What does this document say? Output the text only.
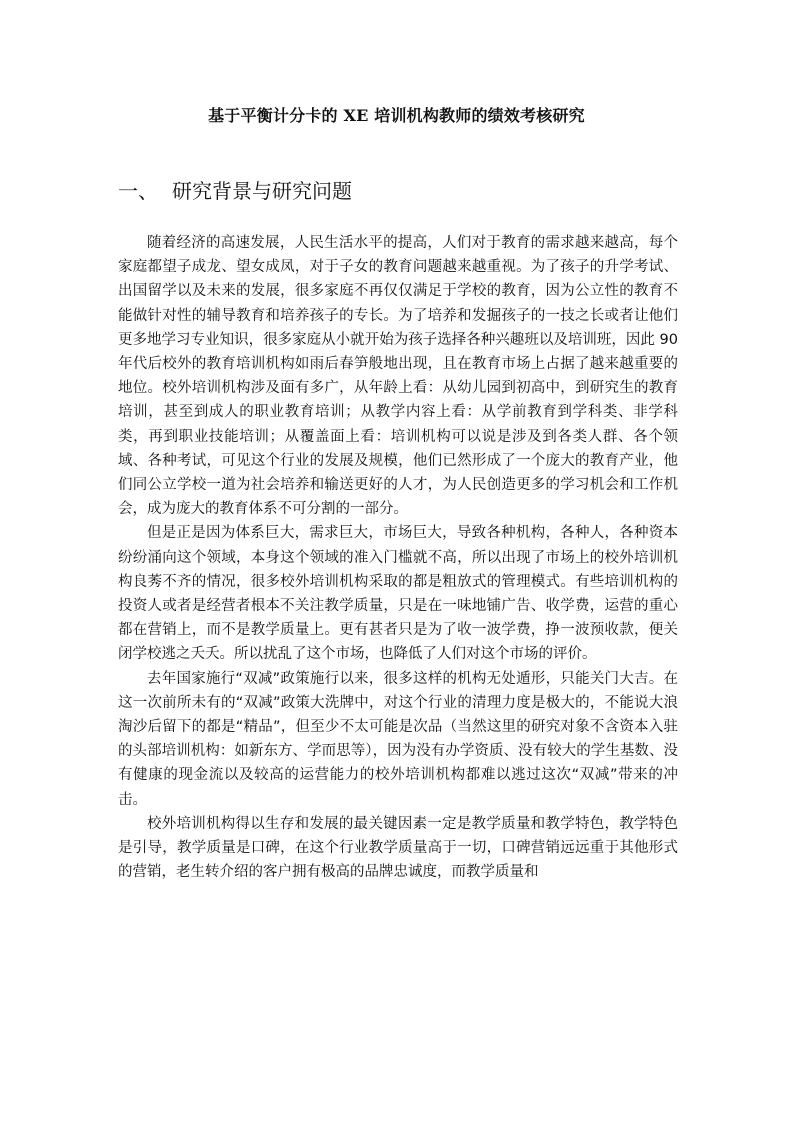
基于平衡计分卡的 XE 培训机构教师的绩效考核研究
一、 研究背景与研究问题

随着经济的高速发展，人民生活水平的提高，人们对于教育的需求越来越高，每个家庭都望子成龙、望女成凤，对于子女的教育问题越来越重视。为了孩子的升学考试、出国留学以及未来的发展，很多家庭不再仅仅满足于学校的教育，因为公立性的教育不能做针对性的辅导教育和培养孩子的专长。为了培养和发掘孩子的一技之长或者让他们更多地学习专业知识，很多家庭从小就开始为孩子选择各种兴趣班以及培训班，因此 90 年代后校外的教育培训机构如雨后春笋般地出现，且在教育市场上占据了越来越重要的地位。校外培训机构涉及面有多广，从年龄上看：从幼儿园到初高中，到研究生的教育培训，甚至到成人的职业教育培训；从教学内容上看：从学前教育到学科类、非学科类，再到职业技能培训；从覆盖面上看：培训机构可以说是涉及到各类人群、各个领域、各种考试，可见这个行业的发展及规模，他们已然形成了一个庞大的教育产业，他们同公立学校一道为社会培养和输送更好的人才，为人民创造更多的学习机会和工作机会，成为庞大的教育体系不可分割的一部分。

但是正是因为体系巨大，需求巨大，市场巨大，导致各种机构，各种人，各种资本纷纷涌向这个领域，本身这个领域的准入门槛就不高，所以出现了市场上的校外培训机构良莠不齐的情况，很多校外培训机构采取的都是粗放式的管理模式。有些培训机构的投资人或者是经营者根本不关注教学质量，只是在一味地铺广告、收学费，运营的重心都在营销上，而不是教学质量上。更有甚者只是为了收一波学费，挣一波预收款，便关闭学校逃之夭夭。所以扰乱了这个市场，也降低了人们对这个市场的评价。

去年国家施行“双减”政策施行以来，很多这样的机构无处遁形，只能关门大吉。在这一次前所未有的“双减”政策大洗牌中，对这个行业的清理力度是极大的，不能说大浪淘沙后留下的都是“精品”，但至少不太可能是次品（当然这里的研究对象不含资本入驻的头部培训机构：如新东方、学而思等），因为没有办学资质、没有较大的学生基数、没有健康的现金流以及较高的运营能力的校外培训机构都难以逃过这次“双减”带来的冲击。

校外培训机构得以生存和发展的最关键因素一定是教学质量和教学特色，教学特色是引导，教学质量是口碑，在这个行业教学质量高于一切，口碑营销远远重于其他形式的营销，老生转介绍的客户拥有极高的品牌忠诚度，而教学质量和
